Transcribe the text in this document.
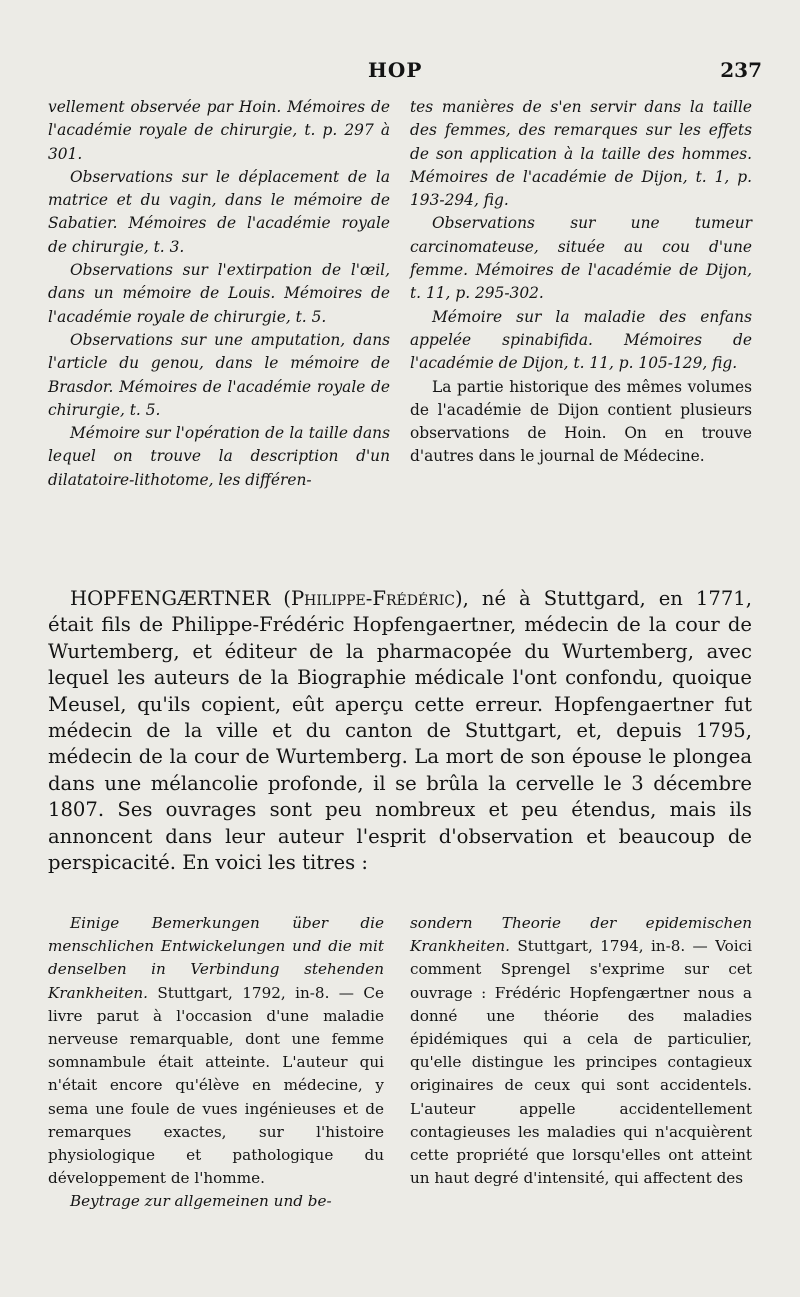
HOP	237

vellement observée par Hoin. Mémoires de l'académie royale de chirurgie, t. p. 297 à 301.

Observations sur le déplacement de la matrice et du vagin, dans le mémoire de Sabatier. Mémoires de l'académie royale de chirurgie, t. 3.

Observations sur l'extirpation de l'œil, dans un mémoire de Louis. Mémoires de l'académie royale de chirurgie, t. 5.

Observations sur une amputation, dans l'article du genou, dans le mémoire de Brasdor. Mémoires de l'académie royale de chirurgie, t. 5.

Mémoire sur l'opération de la taille dans lequel on trouve la description d'un dilatatoire-lithotome, les différen-

tes manières de s'en servir dans la taille des femmes, des remarques sur les effets de son application à la taille des hommes. Mémoires de l'académie de Dijon, t. 1, p. 193-294, fig.

Observations sur une tumeur carcinomateuse, située au cou d'une femme. Mémoires de l'académie de Dijon, t. 11, p. 295-302.

Mémoire sur la maladie des enfans appelée spinabifida. Mémoires de l'académie de Dijon, t. 11, p. 105-129, fig.

La partie historique des mêmes volumes de l'académie de Dijon contient plusieurs observations de Hoin. On en trouve d'autres dans le journal de Médecine.

HOPFENGÆRTNER (Philippe-Frédéric), né à Stuttgard, en 1771, était fils de Philippe-Frédéric Hopfengaertner, médecin de la cour de Wurtemberg, et éditeur de la pharmacopée du Wurtemberg, avec lequel les auteurs de la Biographie médicale l'ont confondu, quoique Meusel, qu'ils copient, eût aperçu cette erreur. Hopfengaertner fut médecin de la ville et du canton de Stuttgart, et, depuis 1795, médecin de la cour de Wurtemberg. La mort de son épouse le plongea dans une mélancolie profonde, il se brûla la cervelle le 3 décembre 1807. Ses ouvrages sont peu nombreux et peu étendus, mais ils annoncent dans leur auteur l'esprit d'observation et beaucoup de perspicacité. En voici les titres :

Einige Bemerkungen über die menschlichen Entwickelungen und die mit denselben in Verbindung stehenden Krankheiten. Stuttgart, 1792, in-8. — Ce livre parut à l'occasion d'une maladie nerveuse remarquable, dont une femme somnambule était atteinte. L'auteur qui n'était encore qu'élève en médecine, y sema une foule de vues ingénieuses et de remarques exactes, sur l'histoire physiologique et pathologique du développement de l'homme.

Beytrage zur allgemeinen und be-

sondern Theorie der epidemischen Krankheiten. Stuttgart, 1794, in-8. — Voici comment Sprengel s'exprime sur cet ouvrage : Frédéric Hopfengærtner nous a donné une théorie des maladies épidémiques qui a cela de particulier, qu'elle distingue les principes contagieux originaires de ceux qui sont accidentels. L'auteur appelle accidentellement contagieuses les maladies qui n'acquièrent cette propriété que lorsqu'elles ont atteint un haut degré d'intensité, qui affectent des
